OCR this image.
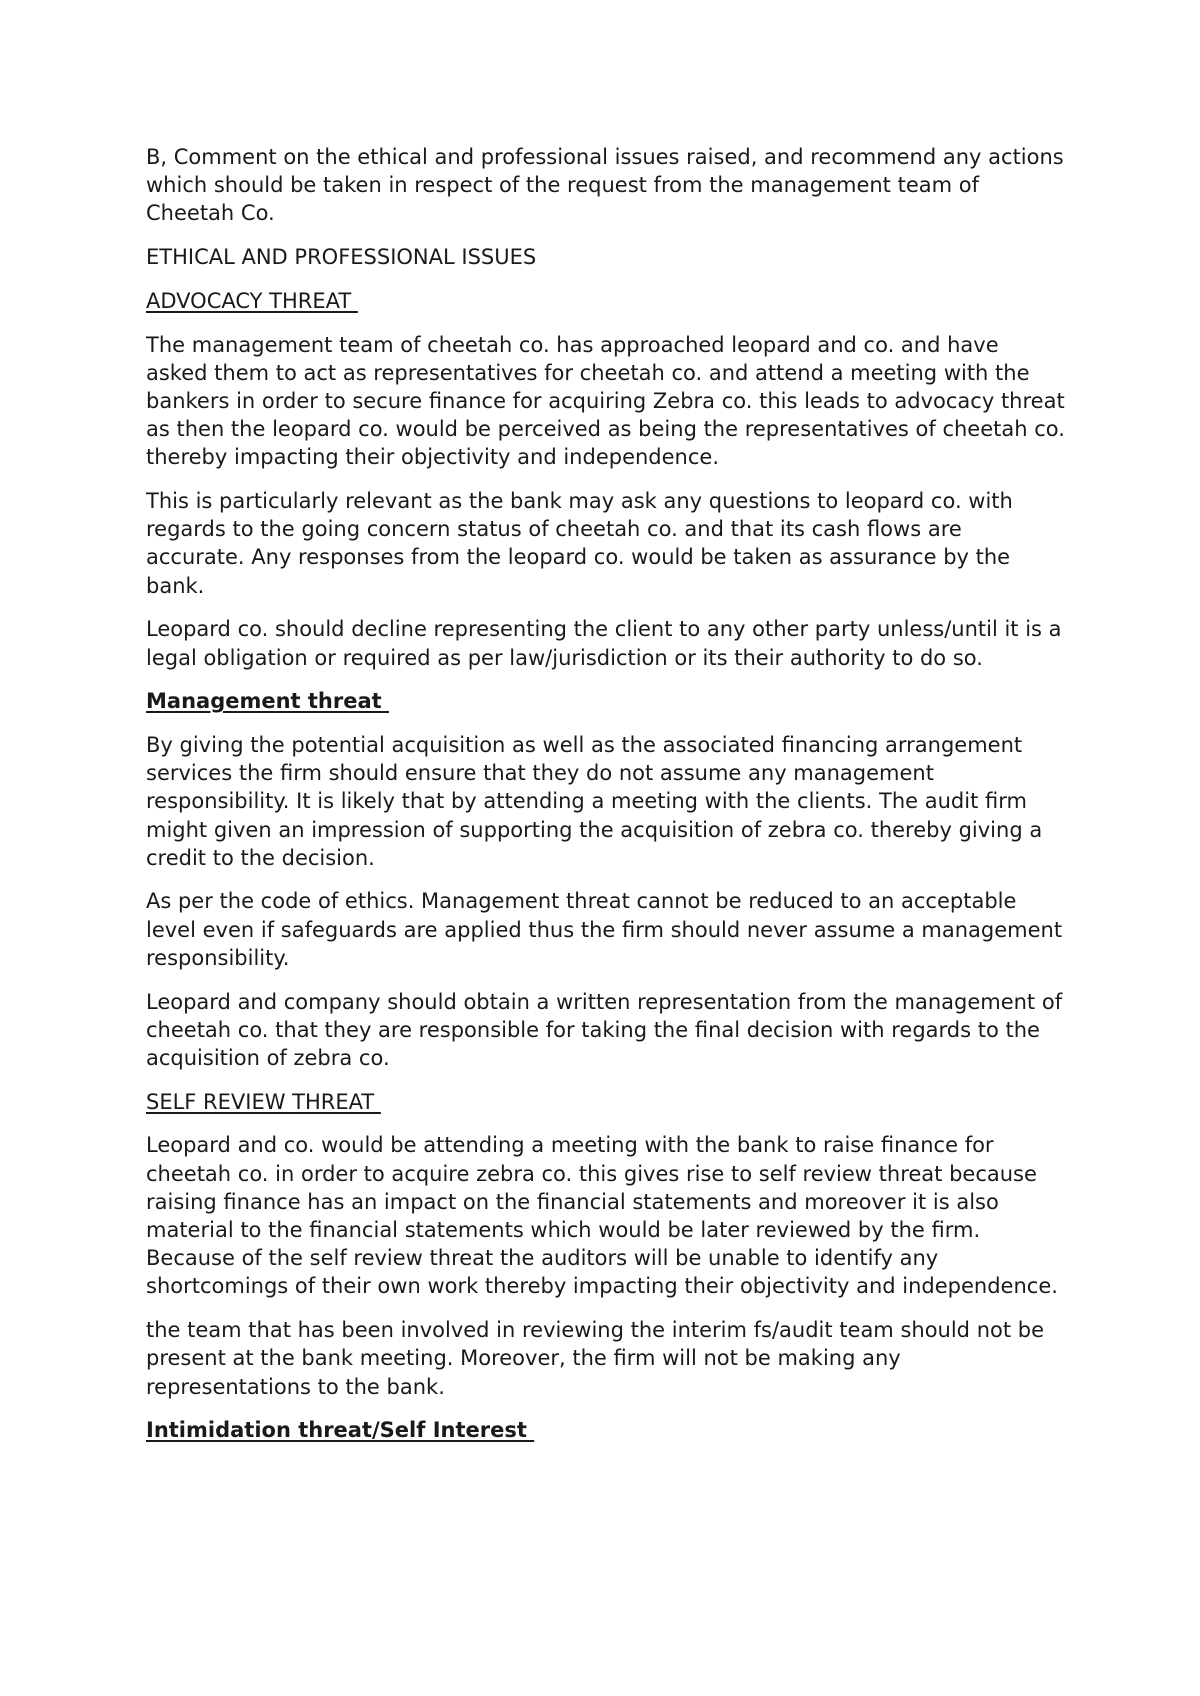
B, Comment on the ethical and professional issues raised, and recommend any actions which should be taken in respect of the request from the management team of Cheetah Co.

ETHICAL AND PROFESSIONAL ISSUES

ADVOCACY THREAT

The management team of cheetah co. has approached leopard and co. and have asked them to act as representatives for cheetah co. and attend a meeting with the bankers in order to secure finance for acquiring Zebra co. this leads to advocacy threat as then the leopard co. would be perceived as being the representatives of cheetah co. thereby impacting their objectivity and independence.

This is particularly relevant as the bank may ask any questions to leopard co. with regards to the going concern status of cheetah co. and that its cash flows are accurate. Any responses from the leopard co. would be taken as assurance by the bank.

Leopard co. should decline representing the client to any other party unless/until it is a legal obligation or required as per law/jurisdiction or its their authority to do so.

Management threat

By giving the potential acquisition as well as the associated financing arrangement services the firm should ensure that they do not assume any management responsibility. It is likely that by attending a meeting with the clients. The audit firm might given an impression of supporting the acquisition of zebra co. thereby giving a credit to the decision.

As per the code of ethics. Management threat cannot be reduced to an acceptable level even if safeguards are applied thus the firm should never assume a management responsibility.

Leopard and company should obtain a written representation from the management of cheetah co. that they are responsible for taking the final decision with regards to the acquisition of zebra co.

SELF REVIEW THREAT

Leopard and co. would be attending a meeting with the bank to raise finance for cheetah co. in order to acquire zebra co. this gives rise to self review threat because raising finance has an impact on the financial statements and moreover it is also material to the financial statements which would be later reviewed by the firm. Because of the self review threat the auditors will be unable to identify any shortcomings of their own work thereby impacting their objectivity and independence.

the team that has been involved in reviewing the interim fs/audit team should not be present at the bank meeting. Moreover, the firm will not be making any representations to the bank.

Intimidation threat/Self Interest
